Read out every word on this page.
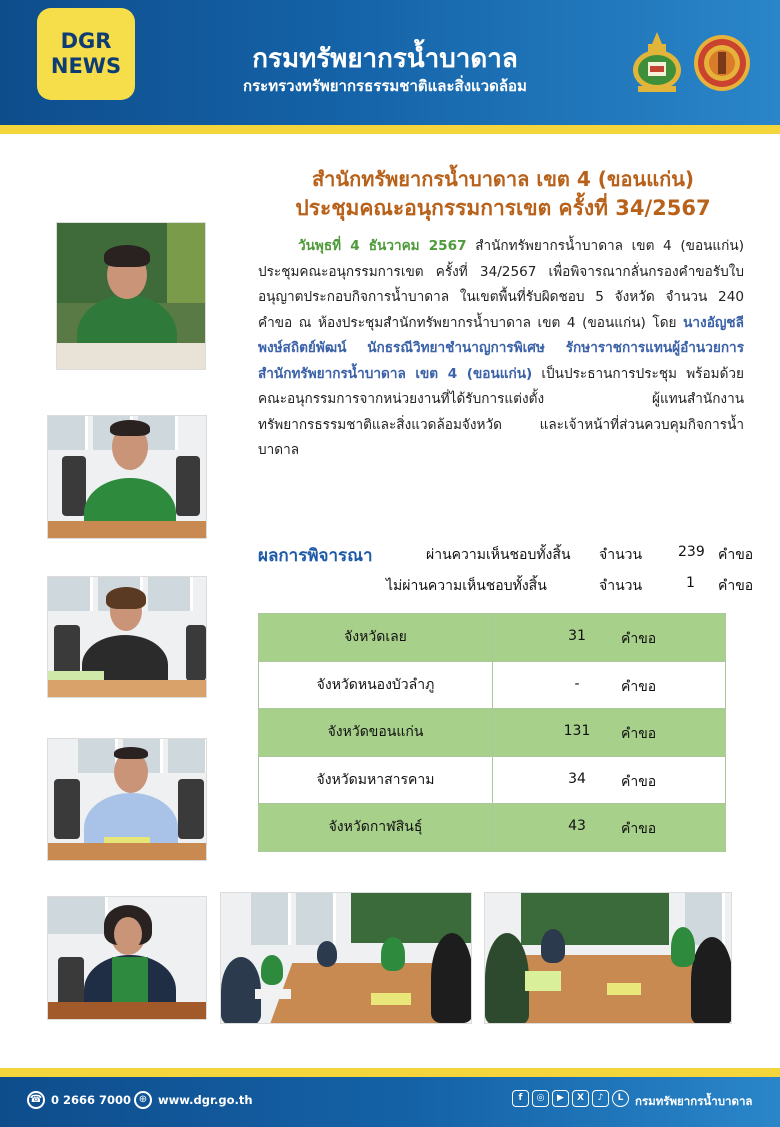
DGR
NEWS	กรมทรัพยากรน้ำบาดาล
กระทรวงทรัพยากรธรรมชาติและสิ่งแวดล้อม
สำนักทรัพยากรน้ำบาดาล เขต 4 (ขอนแก่น)
ประชุมคณะอนุกรรมการเขต ครั้งที่ 34/2567
วันพุธที่ 4 ธันวาคม 2567 สำนักทรัพยากรน้ำบาดาล เขต 4 (ขอนแก่น) ประชุมคณะอนุกรรมการเขต ครั้งที่ 34/2567 เพื่อพิจารณากลั่นกรองคำขอรับใบอนุญาตประกอบกิจการน้ำบาดาล ในเขตพื้นที่รับผิดชอบ 5 จังหวัด จำนวน 240 คำขอ ณ ห้องประชุมสำนักทรัพยากรน้ำบาดาล เขต 4 (ขอนแก่น) โดย นางอัญชลี พงษ์สถิตย์พัฒน์ นักธรณีวิทยาชำนาญการพิเศษ รักษาราชการแทนผู้อำนวยการสำนักทรัพยากรน้ำบาดาล เขต 4 (ขอนแก่น) เป็นประธานการประชุม พร้อมด้วยคณะอนุกรรมการจากหน่วยงานที่ได้รับการแต่งตั้ง ผู้แทนสำนักงานทรัพยากรธรรมชาติและสิ่งแวดล้อมจังหวัด และเจ้าหน้าที่ส่วนควบคุมกิจการน้ำบาดาล
ผลการพิจารณา	ผ่านความเห็นชอบทั้งสิ้น จำนวน	239 คำขอ
ไม่ผ่านความเห็นชอบทั้งสิ้น	จำนวน	1 คำขอ
จังหวัดเลย	31 คำขอ

จังหวัดหนองบัวลำภู	- คำขอ

จังหวัดขอนแก่น	131 คำขอ

จังหวัดมหาสารคาม	34 คำขอ

จังหวัดกาฬสินธุ์	43 คำขอ
☎ 0 2666 7000 ⊕ www.dgr.go.th	f	◎	▶	X	♪	L	กรมทรัพยากรน้ำบาดาล
